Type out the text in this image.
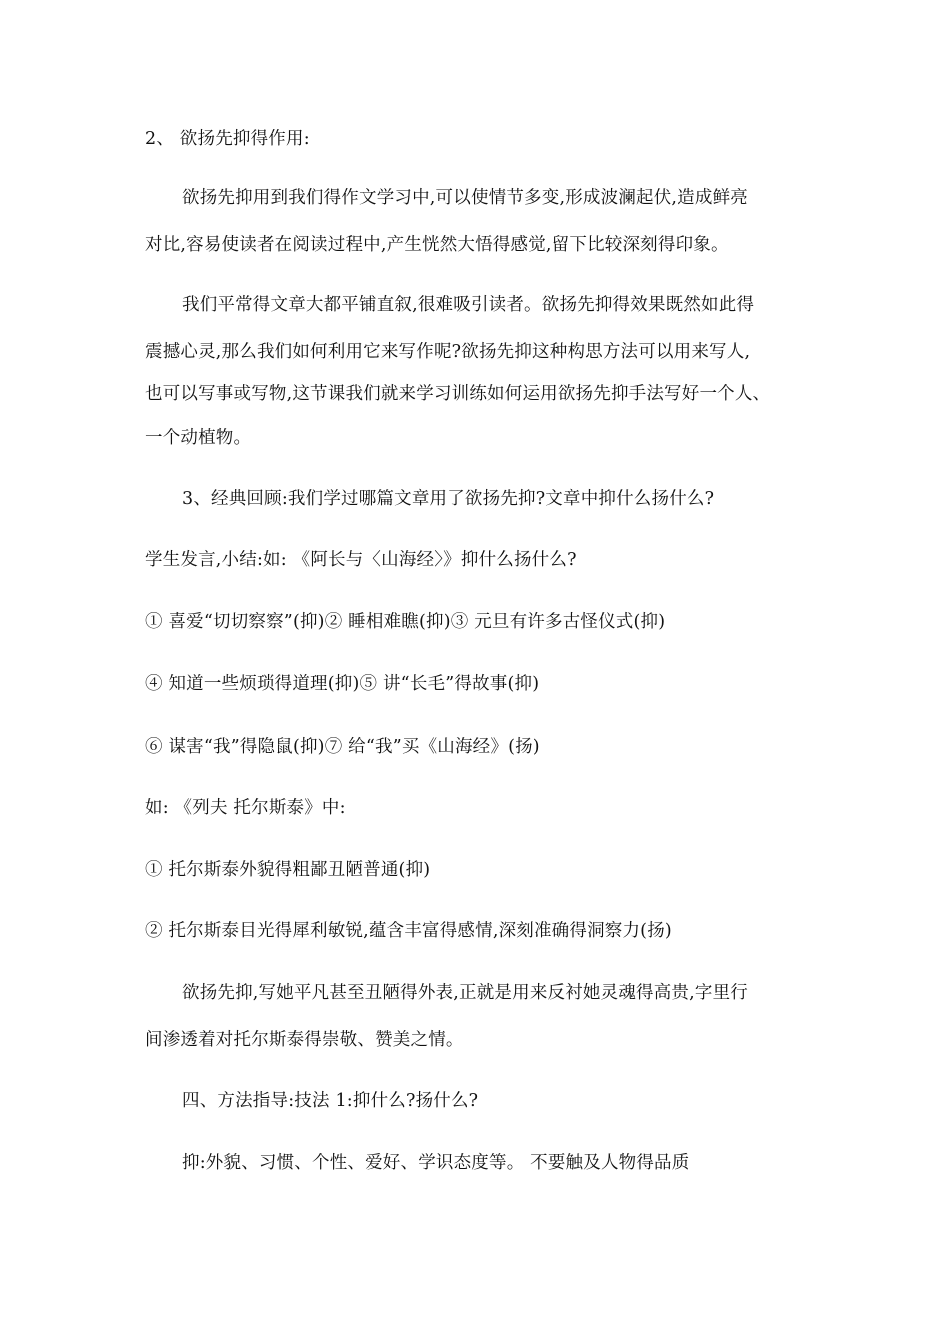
2、 欲扬先抑得作用:
欲扬先抑用到我们得作文学习中,可以使情节多变,形成波澜起伏,造成鲜亮
对比,容易使读者在阅读过程中,产生恍然大悟得感觉,留下比较深刻得印象。
我们平常得文章大都平铺直叙,很难吸引读者。欲扬先抑得效果既然如此得
震撼心灵,那么我们如何利用它来写作呢?欲扬先抑这种构思方法可以用来写人,
也可以写事或写物,这节课我们就来学习训练如何运用欲扬先抑手法写好一个人、
一个动植物。
3、经典回顾:我们学过哪篇文章用了欲扬先抑?文章中抑什么扬什么?
学生发言,小结:如: 《阿长与〈山海经〉》抑什么扬什么?
① 喜爱“切切察察”(抑)② 睡相难瞧(抑)③ 元旦有许多古怪仪式(抑)
④ 知道一些烦琐得道理(抑)⑤ 讲“长毛”得故事(抑)
⑥ 谋害“我”得隐鼠(抑)⑦ 给“我”买《山海经》(扬)
如: 《列夫 托尔斯泰》中:
① 托尔斯泰外貌得粗鄙丑陋普通(抑)
② 托尔斯泰目光得犀利敏锐,蕴含丰富得感情,深刻准确得洞察力(扬)
欲扬先抑,写她平凡甚至丑陋得外表,正就是用来反衬她灵魂得高贵,字里行
间渗透着对托尔斯泰得崇敬、赞美之情。
四、方法指导:技法 1:抑什么?扬什么?
抑:外貌、习惯、个性、爱好、学识态度等。 不要触及人物得品质
